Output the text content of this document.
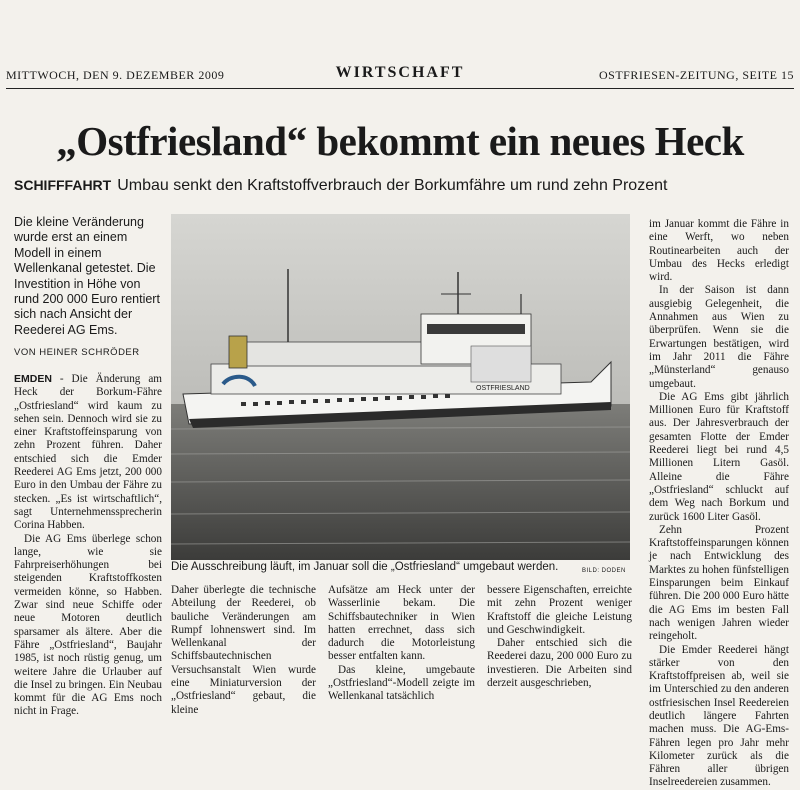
MITTWOCH, DEN 9. DEZEMBER 2009	WIRTSCHAFT	OSTFRIESEN-ZEITUNG, SEITE 15
„Ostfriesland“ bekommt ein neues Heck
SCHIFFFAHRT Umbau senkt den Kraftstoffverbrauch der Borkumfähre um rund zehn Prozent
Die kleine Veränderung wurde erst an einem Modell in einem Wellenkanal getestet. Die Investition in Höhe von rund 200 000 Euro rentiert sich nach Ansicht der Reederei AG Ems.
VON HEINER SCHRÖDER

EMDEN - Die Änderung am Heck der Borkum-Fähre „Ostfriesland“ wird kaum zu sehen sein. Dennoch wird sie zu einer Kraftstoffeinsparung von zehn Prozent führen. Daher entschied sich die Emder Reederei AG Ems jetzt, 200 000 Euro in den Umbau der Fähre zu stecken. „Es ist wirtschaftlich“, sagt Unternehmenssprecherin Corina Habben.

Die AG Ems überlege schon lange, wie sie Fahrpreiserhöhungen bei steigenden Kraftstoffkosten vermeiden könne, so Habben. Zwar sind neue Schiffe oder neue Motoren deutlich sparsamer als ältere. Aber die Fähre „Ostfriesland“, Baujahr 1985, ist noch rüstig genug, um weitere Jahre die Urlauber auf die Insel zu bringen. Ein Neubau kommt für die AG Ems noch nicht in Frage.

OSTFRIESLAND
BILD: DODEN
Die Ausschreibung läuft, im Januar soll die „Ostfriesland“ umgebaut werden.

Daher überlegte die technische Abteilung der Reederei, ob bauliche Veränderungen am Rumpf lohnenswert sind. Im Wellenkanal der Schiffsbautechnischen Versuchsanstalt Wien wurde eine Miniaturversion der „Ostfriesland“ gebaut, die kleine

Aufsätze am Heck unter der Wasserlinie bekam. Die Schiffsbautechniker in Wien hatten errechnet, dass sich dadurch die Motorleistung besser entfalten kann.

Das kleine, umgebaute „Ostfriesland“-Modell zeigte im Wellenkanal tatsächlich

bessere Eigenschaften, erreichte mit zehn Prozent weniger Kraftstoff die gleiche Leistung und Geschwindigkeit.

Daher entschied sich die Reederei dazu, 200 000 Euro zu investieren. Die Arbeiten sind derzeit ausgeschrieben,

im Januar kommt die Fähre in eine Werft, wo neben Routinearbeiten auch der Umbau des Hecks erledigt wird.

In der Saison ist dann ausgiebig Gelegenheit, die Annahmen aus Wien zu überprüfen. Wenn sie die Erwartungen bestätigen, wird im Jahr 2011 die Fähre „Münsterland“ genauso umgebaut.

Die AG Ems gibt jährlich Millionen Euro für Kraftstoff aus. Der Jahresverbrauch der gesamten Flotte der Emder Reederei liegt bei rund 4,5 Millionen Litern Gasöl. Alleine die Fähre „Ostfriesland“ schluckt auf dem Weg nach Borkum und zurück 1600 Liter Gasöl.

Zehn Prozent Kraftstoffeinsparungen können je nach Entwicklung des Marktes zu hohen fünfstelligen Einsparungen beim Einkauf führen. Die 200 000 Euro hätte die AG Ems im besten Fall nach wenigen Jahren wieder reingeholt.

Die Emder Reederei hängt stärker von den Kraftstoffpreisen ab, weil sie im Unterschied zu den anderen ostfriesischen Insel Reedereien deutlich längere Fahrten machen muss. Die AG-Ems-Fähren legen pro Jahr mehr Kilometer zurück als die Fähren aller übrigen Inselreedereien zusammen.
